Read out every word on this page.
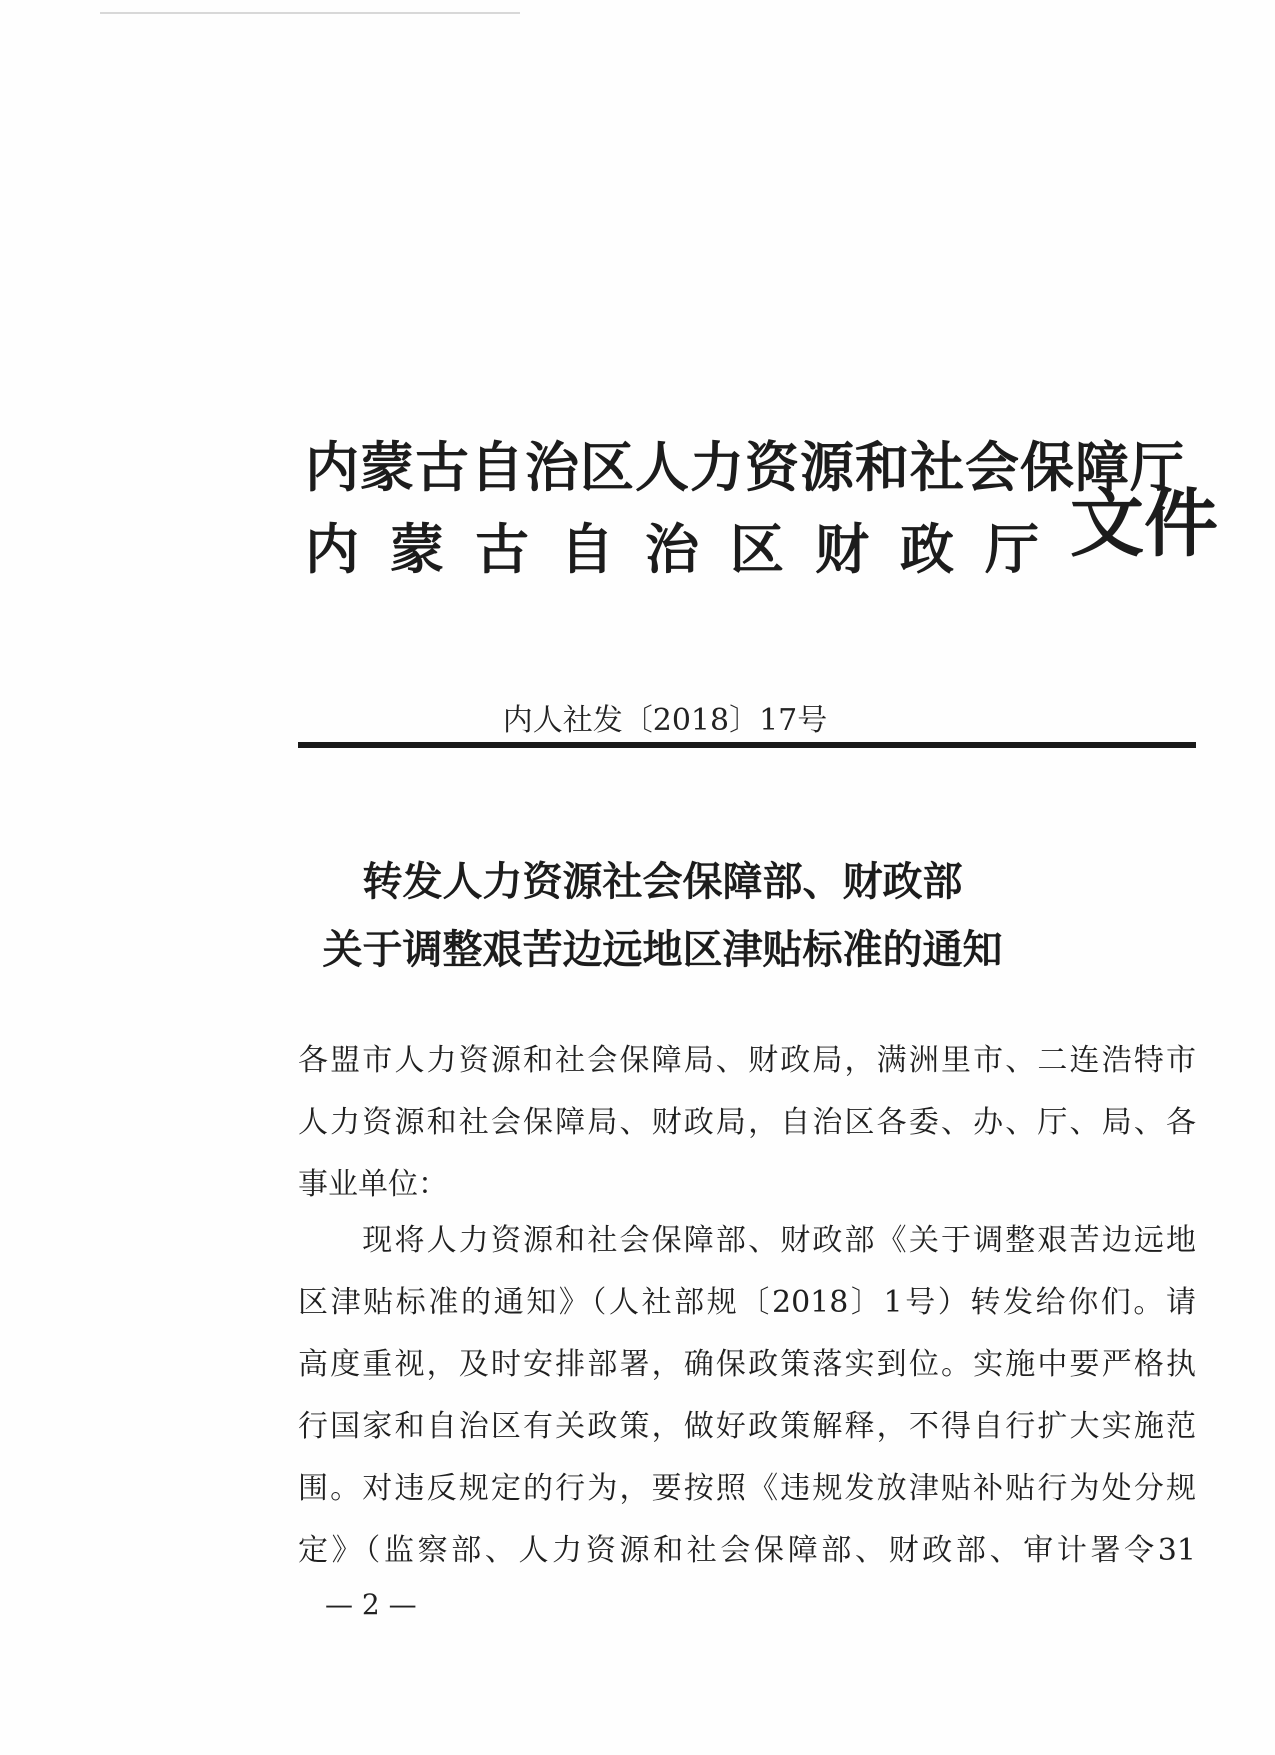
内蒙古自治区人力资源和社会保障厅
内蒙古自治区财政厅 文件
内人社发〔2018〕17号
转发人力资源社会保障部、财政部
关于调整艰苦边远地区津贴标准的通知
各盟市人力资源和社会保障局、财政局，满洲里市、二连浩特市
人力资源和社会保障局、财政局，自治区各委、办、厅、局、各
事业单位：
　　现将人力资源和社会保障部、财政部《关于调整艰苦边远地
区津贴标准的通知》（人社部规〔2018〕1号）转发给你们。请
高度重视，及时安排部署，确保政策落实到位。实施中要严格执
行国家和自治区有关政策，做好政策解释，不得自行扩大实施范
围。对违反规定的行为，要按照《违规发放津贴补贴行为处分规
定》（监察部、人力资源和社会保障部、财政部、审计署令31
— 2 —
